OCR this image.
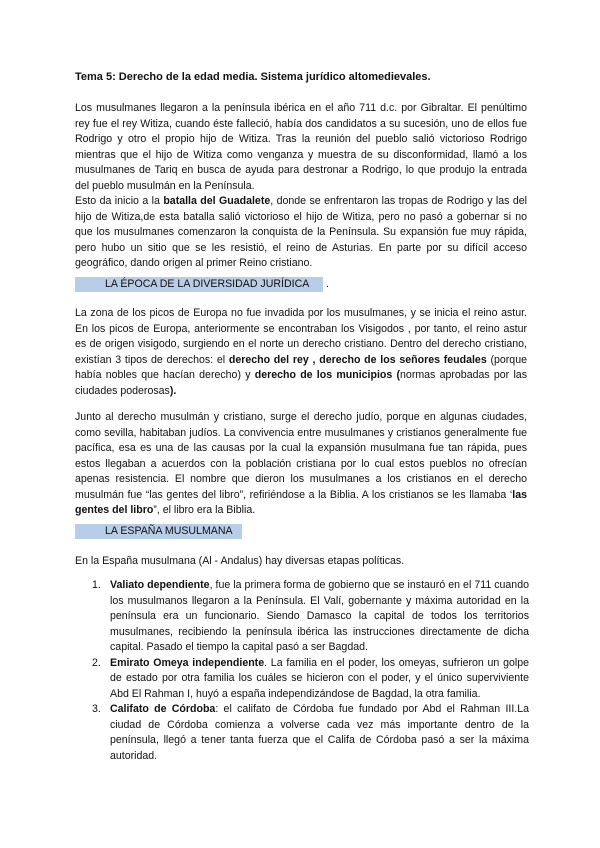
Tema 5: Derecho de la edad media. Sistema jurídico altomedievales.

Los musulmanes llegaron a la península ibérica en el año 711 d.c. por Gibraltar. El penúltimo rey fue el rey Witiza, cuando éste falleció, había dos candidatos a su sucesión, uno de ellos fue Rodrigo y otro el propio hijo de Witiza. Tras la reunión del pueblo salió victorioso Rodrigo mientras que el hijo de Witiza como venganza y muestra de su disconformidad, llamó a los musulmanes de Tariq en busca de ayuda para destronar a Rodrigo, lo que produjo la entrada del pueblo musulmán en la Península.
Esto da inicio a la batalla del Guadalete, donde se enfrentaron las tropas de Rodrigo y las del hijo de Witiza,de esta batalla salió victorioso el hijo de Witiza, pero no pasó a gobernar si no que los musulmanes comenzaron la conquista de la Península. Su expansión fue muy rápida, pero hubo un sitio que se les resistió, el reino de Asturias. En parte por su difícil acceso geográfico, dando origen al primer Reino cristiano.

LA ÉPOCA DE LA DIVERSIDAD JURÍDICA	.

La zona de los picos de Europa no fue invadida por los musulmanes, y se inicia el reino astur. En los picos de Europa, anteriormente se encontraban los Visigodos , por tanto, el reino astur es de origen visigodo, surgiendo en el norte un derecho cristiano. Dentro del derecho cristiano, existían 3 tipos de derechos: el derecho del rey , derecho de los señores feudales (porque había nobles que hacían derecho) y derecho de los municipios (normas aprobadas por las ciudades poderosas).

Junto al derecho musulmán y cristiano, surge el derecho judío, porque en algunas ciudades, como sevilla, habitaban judíos. La convivencia entre musulmanes y cristianos generalmente fue pacífica, esa es una de las causas por la cual la expansión musulmana fue tan rápida, pues estos llegaban a acuerdos con la población cristiana por lo cual estos pueblos no ofrecían apenas resistencia. El nombre que dieron los musulmanes a los cristianos en el derecho musulmán fue “las gentes del libro”, refiriéndose a la Biblia. A los cristianos se les llamaba ‘las gentes del libro”, el libro era la Biblia.

LA ESPAÑA MUSULMANA

En la España musulmana (Al - Andalus) hay diversas etapas políticas.

1. Valiato dependiente, fue la primera forma de gobierno que se instauró en el 711 cuando los musulmanos llegaron a la Península. El Valí, gobernante y máxima autoridad en la península era un funcionario. Siendo Damasco la capital de todos los territorios musulmanes, recibiendo la península ibérica las instrucciones directamente de dicha capital. Pasado el tiempo la capital pasó a ser Bagdad.
2. Emirato Omeya independiente. La familia en el poder, los omeyas, sufrieron un golpe de estado por otra familia los cuáles se hicieron con el poder, y el único superviviente Abd El Rahman I, huyó a españa independizándose de Bagdad, la otra familia.
3. Califato de Córdoba: el califato de Córdoba fue fundado por Abd el Rahman III.La ciudad de Córdoba comienza a volverse cada vez más importante dentro de la península, llegó a tener tanta fuerza que el Califa de Córdoba pasó a ser la máxima autoridad.
